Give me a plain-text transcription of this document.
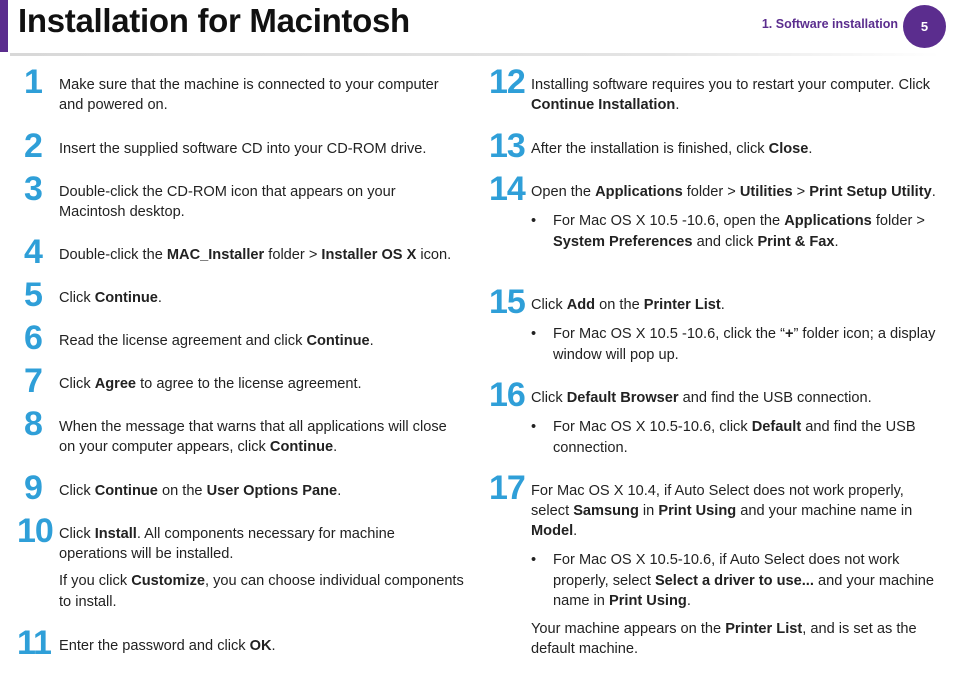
Installation for Macintosh	1. Software installation	5
1 Make sure that the machine is connected to your computer and powered on.
2 Insert the supplied software CD into your CD-ROM drive.
3 Double-click the CD-ROM icon that appears on your Macintosh desktop.
4 Double-click the MAC_Installer folder > Installer OS X icon.
5 Click Continue.
6 Read the license agreement and click Continue.
7 Click Agree to agree to the license agreement.
8 When the message that warns that all applications will close on your computer appears, click Continue.
9 Click Continue on the User Options Pane.
10 Click Install. All components necessary for machine operations will be installed.
If you click Customize, you can choose individual components to install.
11 Enter the password and click OK.
12 Installing software requires you to restart your computer. Click Continue Installation.
13 After the installation is finished, click Close.
14 Open the Applications folder > Utilities > Print Setup Utility.
• For Mac OS X 10.5 -10.6, open the Applications folder > System Preferences and click Print & Fax.
15 Click Add on the Printer List.
• For Mac OS X 10.5 -10.6, click the “+” folder icon; a display window will pop up.
16 Click Default Browser and find the USB connection.
• For Mac OS X 10.5-10.6, click Default and find the USB connection.
17 For Mac OS X 10.4, if Auto Select does not work properly, select Samsung in Print Using and your machine name in Model.
• For Mac OS X 10.5-10.6, if Auto Select does not work properly, select Select a driver to use... and your machine name in Print Using.
Your machine appears on the Printer List, and is set as the default machine.
